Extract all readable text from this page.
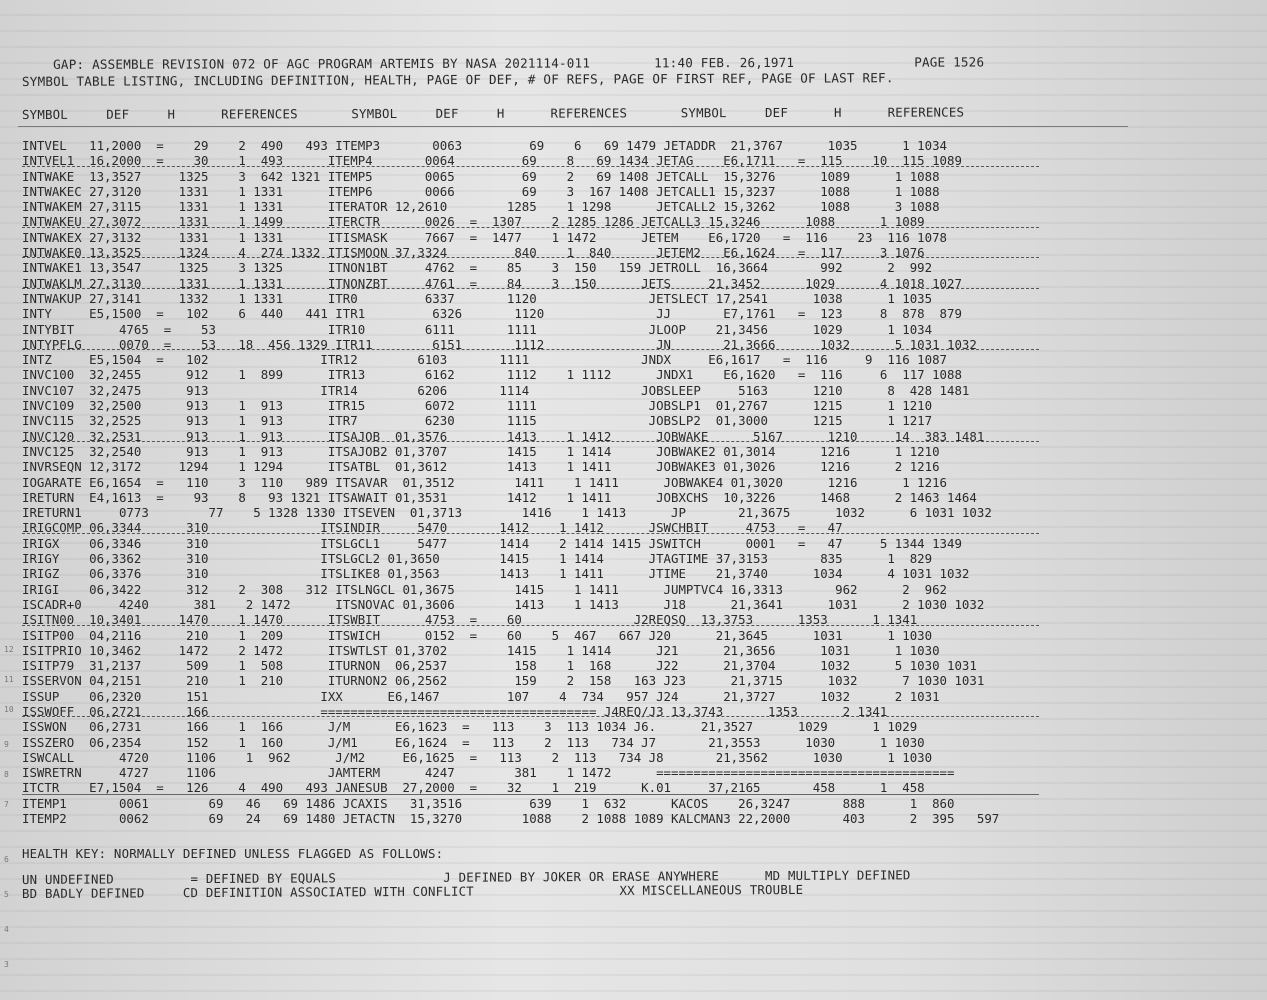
GAP: ASSEMBLE REVISION 072 OF AGC PROGRAM ARTEMIS BY NASA 2021114-011	11:40 FEB. 26,1971	PAGE 1526

SYMBOL TABLE LISTING, INCLUDING DEFINITION, HEALTH, PAGE OF DEF, # OF REFS, PAGE OF FIRST REF, PAGE OF LAST REF.
SYMBOL     DEF     H      REFERENCES       SYMBOL     DEF     H      REFERENCES       SYMBOL     DEF      H      REFERENCES
INTVEL   11,2000  =    29    2  490   493 ITEMP3       0063         69    6   69 1479 JETADDR  21,3767      1035      1 1034
INTVEL1  16,2000  =    30    1  493      ITEMP4       0064         69    8   69 1434 JETAG    E6,1711   =  115    10  115 1089
INTWAKE  13,3527     1325    3  642 1321 ITEMP5       0065         69    2   69 1408 JETCALL  15,3276      1089      1 1088
INTWAKEC 27,3120     1331    1 1331      ITEMP6       0066         69    3  167 1408 JETCALL1 15,3237      1088      1 1088
INTWAKEM 27,3115     1331    1 1331      ITERATOR 12,2610        1285    1 1298      JETCALL2 15,3262      1088      3 1088
INTWAKEU 27,3072     1331    1 1499      ITERCTR      0026  =  1307    2 1285 1286 JETCALL3 15,3246      1088      1 1089
INTWAKEX 27,3132     1331    1 1331      ITISMASK     7667  =  1477    1 1472      JETEM    E6,1720   =  116    23  116 1078
INTWAKE0 13,3525     1324    4  274 1332 ITISMOON 37,3324         840    1  840      JETEM2   E6,1624   =  117     3 1076
INTWAKE1 13,3547     1325    3 1325      ITNON1BT     4762  =    85    3  150   159 JETROLL  16,3664       992      2  992
INTWAKLM 27,3130     1331    1 1331      ITNONZBT     4761  =    84    3  150      JETS     21,3452      1029      4 1018 1027
INTWAKUP 27,3141     1332    1 1331      ITR0         6337       1120               JETSLECT 17,2541      1038      1 1035
INTY     E5,1500  =   102    6  440   441 ITR1         6326       1120               JJ       E7,1761   =  123     8  878  879
INTYBIT      4765  =    53               ITR10        6111       1111               JLOOP    21,3456      1029      1 1034
INTYPFLG     0070  =    53   18  456 1329 ITR11        6151       1112               JN       21,3666      1032      5 1031 1032
INTZ     E5,1504  =   102               ITR12        6103       1111               JNDX     E6,1617   =  116     9  116 1087
INVC100  32,2455      912    1  899      ITR13        6162       1112    1 1112      JNDX1    E6,1620   =  116     6  117 1088
INVC107  32,2475      913               ITR14        6206       1114               JOBSLEEP     5163      1210      8  428 1481
INVC109  32,2500      913    1  913      ITR15        6072       1111               JOBSLP1  01,2767      1215      1 1210
INVC115  32,2525      913    1  913      ITR7         6230       1115               JOBSLP2  01,3000      1215      1 1217
INVC120  32,2531      913    1  913      ITSAJOB  01,3576        1413    1 1412      JOBWAKE      5167      1210     14  383 1481
INVC125  32,2540      913    1  913      ITSAJOB2 01,3707        1415    1 1414      JOBWAKE2 01,3014      1216      1 1210
INVRSEQN 12,3172     1294    1 1294      ITSATBL  01,3612        1413    1 1411      JOBWAKE3 01,3026      1216      2 1216
IOGARATE E6,1654  =   110    3  110   989 ITSAVAR  01,3512        1411    1 1411      JOBWAKE4 01,3020      1216      1 1216
IRETURN  E4,1613  =    93    8   93 1321 ITSAWAIT 01,3531        1412    1 1411      JOBXCHS  10,3226      1468      2 1463 1464
IRETURN1     0773        77    5 1328 1330 ITSEVEN  01,3713        1416    1 1413      JP       21,3675      1032      6 1031 1032
IRIGCOMP 06,3344      310               ITSINDIR     5470       1412    1 1412      JSWCHBIT     4753   =   47
IRIGX    06,3346      310               ITSLGCL1     5477       1414    2 1414 1415 JSWITCH      0001   =   47     5 1344 1349
IRIGY    06,3362      310               ITSLGCL2 01,3650        1415    1 1414      JTAGTIME 37,3153       835      1  829
IRIGZ    06,3376      310               ITSLIKE8 01,3563        1413    1 1411      JTIME    21,3740      1034      4 1031 1032
IRIGI    06,3422      312    2  308   312 ITSLNGCL 01,3675        1415    1 1411      JUMPTVC4 16,3313       962      2  962
ISCADR+0     4240      381    2 1472      ITSNOVAC 01,3606        1413    1 1413      J18      21,3641      1031      2 1030 1032
ISITN00  10,3401     1470    1 1470      ITSWBIT      4753  =    60               J2REQSQ  13,3753      1353      1 1341
ISITP00  04,2116      210    1  209      ITSWICH      0152  =    60    5  467   667 J20      21,3645      1031      1 1030
ISITPRIO 10,3462     1472    2 1472      ITSWTLST 01,3702        1415    1 1414      J21      21,3656      1031      1 1030
ISITP79  31,2137      509    1  508      ITURNON  06,2537         158    1  168      J22      21,3704      1032      5 1030 1031
ISSERVON 04,2151      210    1  210      ITURNON2 06,2562         159    2  158   163 J23      21,3715      1032      7 1030 1031
ISSUP    06,2320      151               IXX      E6,1467         107    4  734   957 J24      21,3727      1032      2 1031
ISSWOFF  06,2721      166               ===================================== J4REQ/J3 13,3743      1353      2 1341
ISSWON   06,2731      166    1  166      J/M      E6,1623  =   113    3  113 1034 J6.      21,3527      1029      1 1029
ISSZERO  06,2354      152    1  160      J/M1     E6,1624  =   113    2  113   734 J7       21,3553      1030      1 1030
ISWCALL      4720     1106    1  962      J/M2     E6,1625  =   113    2  113   734 J8       21,3562      1030      1 1030
ISWRETRN     4727     1106               JAMTERM      4247        381    1 1472      ========================================
ITCTR    E7,1504  =   126    4  490   493 JANESUB  27,2000  =    32    1  219      K.01     37,2165       458      1  458
ITEMP1       0061        69   46   69 1486 JCAXIS   31,3516         639    1  632      KACOS    26,3247       888      1  860
ITEMP2       0062        69   24   69 1480 JETACTN  15,3270        1088    2 1088 1089 KALCMAN3 22,2000       403      2  395   597
HEALTH KEY: NORMALLY DEFINED UNLESS FLAGGED AS FOLLOWS:
UN UNDEFINED          = DEFINED BY EQUALS              J DEFINED BY JOKER OR ERASE ANYWHERE      MD MULTIPLY DEFINED
BD BADLY DEFINED     CD DEFINITION ASSOCIATED WITH CONFLICT                   XX MISCELLANEOUS TROUBLE
12
11
10
9
8
7
6
5
4
3
